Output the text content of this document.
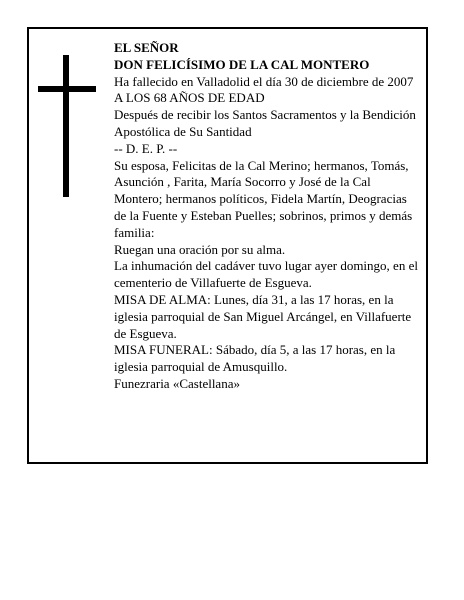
EL SEÑOR

DON FELICÍSIMO DE LA CAL MONTERO

Ha fallecido en Valladolid el día 30 de diciembre de 2007

A LOS 68 AÑOS DE EDAD

Después de recibir los Santos Sacramentos y la Bendición Apostólica de Su Santidad

-- D. E. P. --

Su esposa, Felicitas de la Cal Merino; hermanos, Tomás, Asunción , Farita, María Socorro y José de la Cal Montero; hermanos políticos, Fidela Martín, Deogracias de la Fuente y Esteban Puelles; sobrinos, primos y demás familia:

Ruegan una oración por su alma.

La inhumación del cadáver tuvo lugar ayer domingo, en el cementerio de Villafuerte de Esgueva.

MISA DE ALMA: Lunes, día 31, a las 17 horas, en la iglesia parroquial de San Miguel Arcángel, en Villafuerte de Esgueva.

MISA FUNERAL: Sábado, día 5, a las 17 horas, en la iglesia parroquial de Amusquillo.

Funezraria «Castellana»
